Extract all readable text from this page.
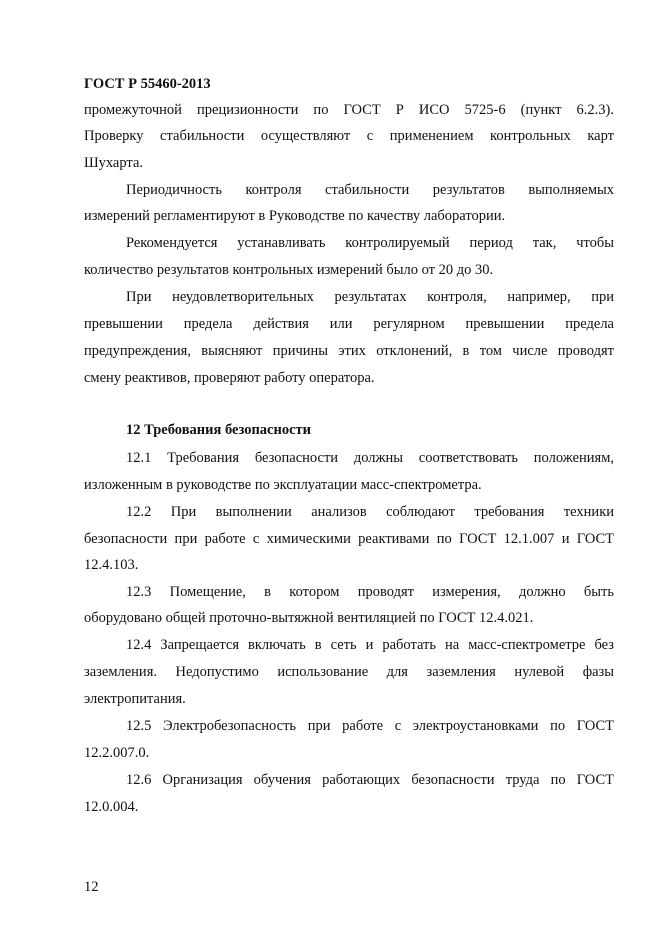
ГОСТ Р 55460-2013
промежуточной прецизионности по ГОСТ Р ИСО 5725-6 (пункт 6.2.3).
Проверку стабильности осуществляют с применением контрольных карт
Шухарта.
Периодичность контроля стабильности результатов выполняемых
измерений регламентируют в Руководстве по качеству лаборатории.
Рекомендуется устанавливать контролируемый период так, чтобы
количество результатов контрольных измерений было от 20 до 30.
При неудовлетворительных результатах контроля, например, при
превышении предела действия или регулярном превышении предела
предупреждения, выясняют причины этих отклонений, в том числе проводят
смену реактивов, проверяют работу оператора.
12 Требования безопасности
12.1 Требования безопасности должны соответствовать положениям,
изложенным в руководстве по эксплуатации масс-спектрометра.
12.2 При выполнении анализов соблюдают требования техники
безопасности при работе с химическими реактивами по ГОСТ 12.1.007 и ГОСТ
12.4.103.
12.3 Помещение, в котором проводят измерения, должно быть
оборудовано общей проточно-вытяжной вентиляцией по ГОСТ 12.4.021.
12.4 Запрещается включать в сеть и работать на масс-спектрометре без
заземления. Недопустимо использование для заземления нулевой фазы
электропитания.
12.5 Электробезопасность при работе с электроустановками по ГОСТ
12.2.007.0.
12.6 Организация обучения работающих безопасности труда по ГОСТ
12.0.004.
12
